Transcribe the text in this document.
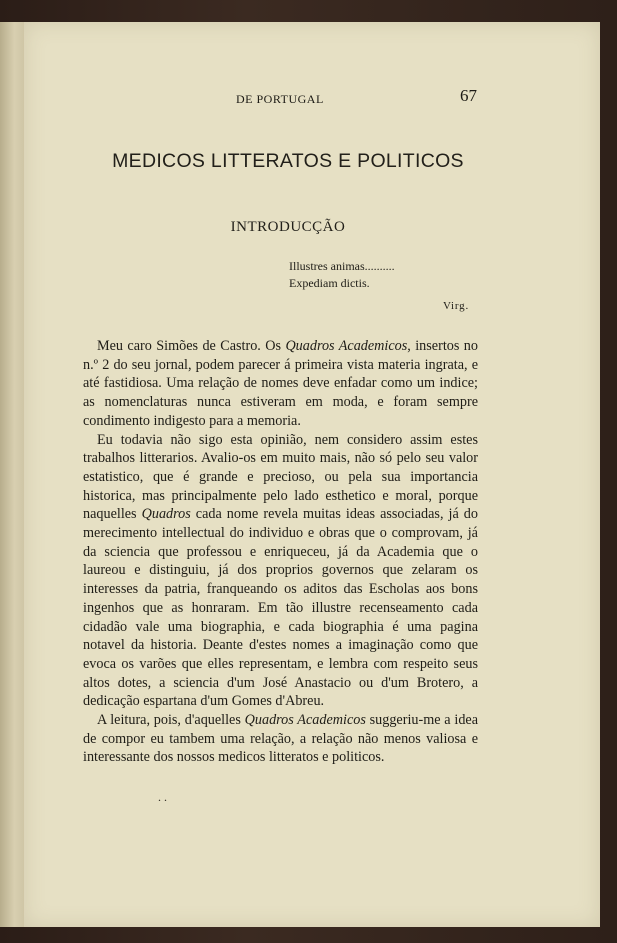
DE PORTUGAL	67
MEDICOS LITTERATOS E POLITICOS
INTRODUCÇÃO
Illustres animas..........
Expediam dictis.
Virg.

Meu caro Simões de Castro. Os Quadros Academicos, insertos no n.º 2 do seu jornal, podem parecer á primeira vista materia ingrata, e até fastidiosa. Uma relação de nomes deve enfadar como um indice; as nomenclaturas nunca estiveram em moda, e foram sempre condimento indigesto para a memoria.

Eu todavia não sigo esta opinião, nem considero assim estes trabalhos litterarios. Avalio-os em muito mais, não só pelo seu valor estatistico, que é grande e precioso, ou pela sua importancia historica, mas principalmente pelo lado esthetico e moral, porque naquelles Quadros cada nome revela muitas ideas associadas, já do merecimento intellectual do individuo e obras que o comprovam, já da sciencia que professou e enriqueceu, já da Academia que o laureou e distinguiu, já dos proprios governos que zelaram os interesses da patria, franqueando os aditos das Escholas aos bons ingenhos que as honraram. Em tão illustre recenseamento cada cidadão vale uma biographia, e cada biographia é uma pagina notavel da historia. Deante d'estes nomes a imaginação como que evoca os varões que elles representam, e lembra com respeito seus altos dotes, a sciencia d'um José Anastacio ou d'um Brotero, a dedicação espartana d'um Gomes d'Abreu.

A leitura, pois, d'aquelles Quadros Academicos suggeriu-me a idea de compor eu tambem uma relação, a relação não menos valiosa e interessante dos nossos medicos litteratos e politicos.

. .
